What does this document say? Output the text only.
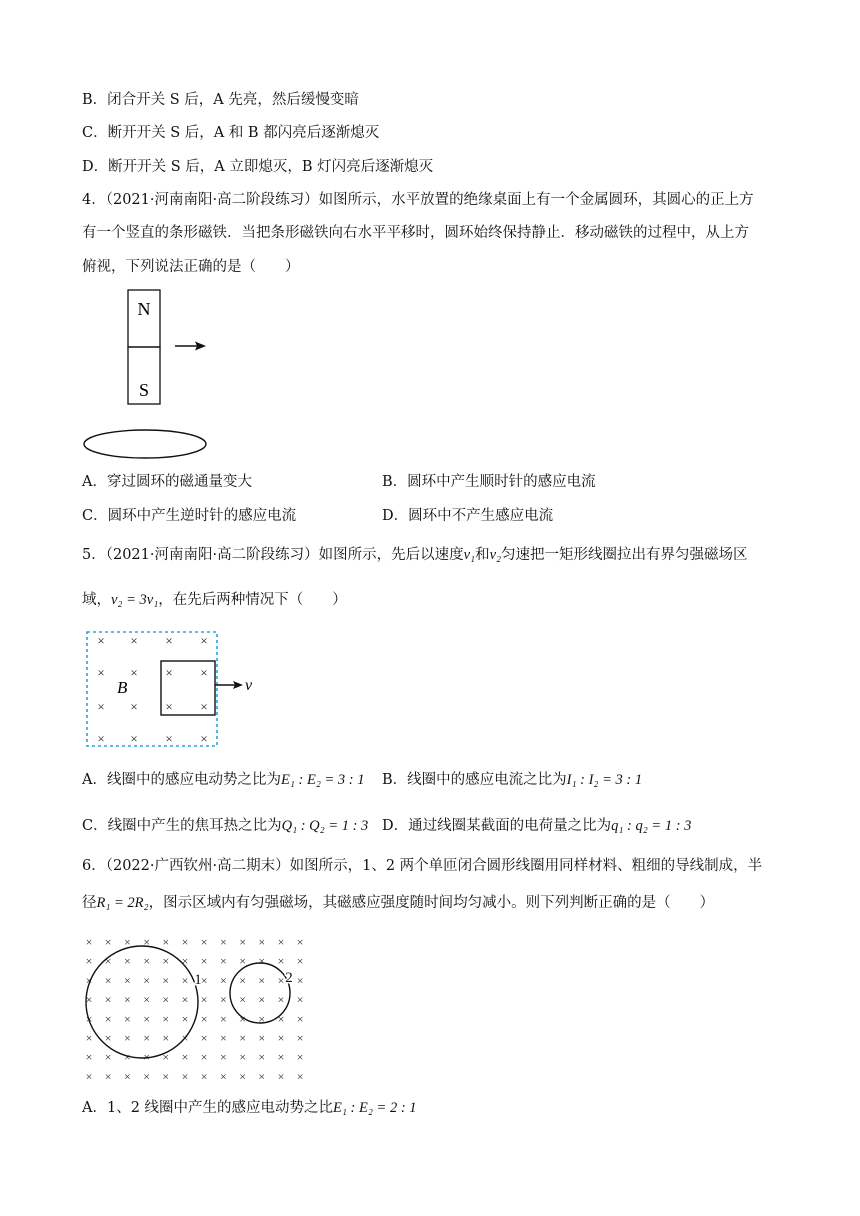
B．闭合开关 S 后，A 先亮，然后缓慢变暗
C．断开开关 S 后，A 和 B 都闪亮后逐渐熄灭
D．断开开关 S 后，A 立即熄灭，B 灯闪亮后逐渐熄灭
4．（2021·河南南阳·高二阶段练习）如图所示，水平放置的绝缘桌面上有一个金属圆环，其圆心的正上方
有一个竖直的条形磁铁．当把条形磁铁向右水平平移时，圆环始终保持静止．移动磁铁的过程中，从上方
俯视，下列说法正确的是（　　）
N
S
A．穿过圆环的磁通量变大	B．圆环中产生顺时针的感应电流
C．圆环中产生逆时针的感应电流	D．圆环中不产生感应电流
5．（2021·河南南阳·高二阶段练习）如图所示，先后以速度v₁和v₂匀速把一矩形线圈拉出有界匀强磁场区
域，v₂ = 3v₁，在先后两种情况下（　　）
× × × ×
× × × ×
× × × ×
× × × ×
B	v
A．线圈中的感应电动势之比为E₁ : E₂ = 3 : 1 B．线圈中的感应电流之比为I₁ : I₂ = 3 : 1
C．线圈中产生的焦耳热之比为Q₁ : Q₂ = 1 : 3 D．通过线圈某截面的电荷量之比为q₁ : q₂ = 1 : 3
6．（2022·广西钦州·高二期末）如图所示，1、2 两个单匝闭合圆形线圈用同样材料、粗细的导线制成，半
径R₁ = 2R₂，图示区域内有匀强磁场，其磁感应强度随时间均匀减小。则下列判断正确的是（　　）
× × × × × × × × × × × ×
× × × × × × × × × × × ×
× × × × × × × × × × × ×
× × × × × × × × × × × ×
× × × × × × × × × × × ×
× × × × × × × × × × × ×
× × × × × × × × × × × ×
× × × × × × × × × × × ×
1	2
A．1、2 线圈中产生的感应电动势之比E₁ : E₂ = 2 : 1
